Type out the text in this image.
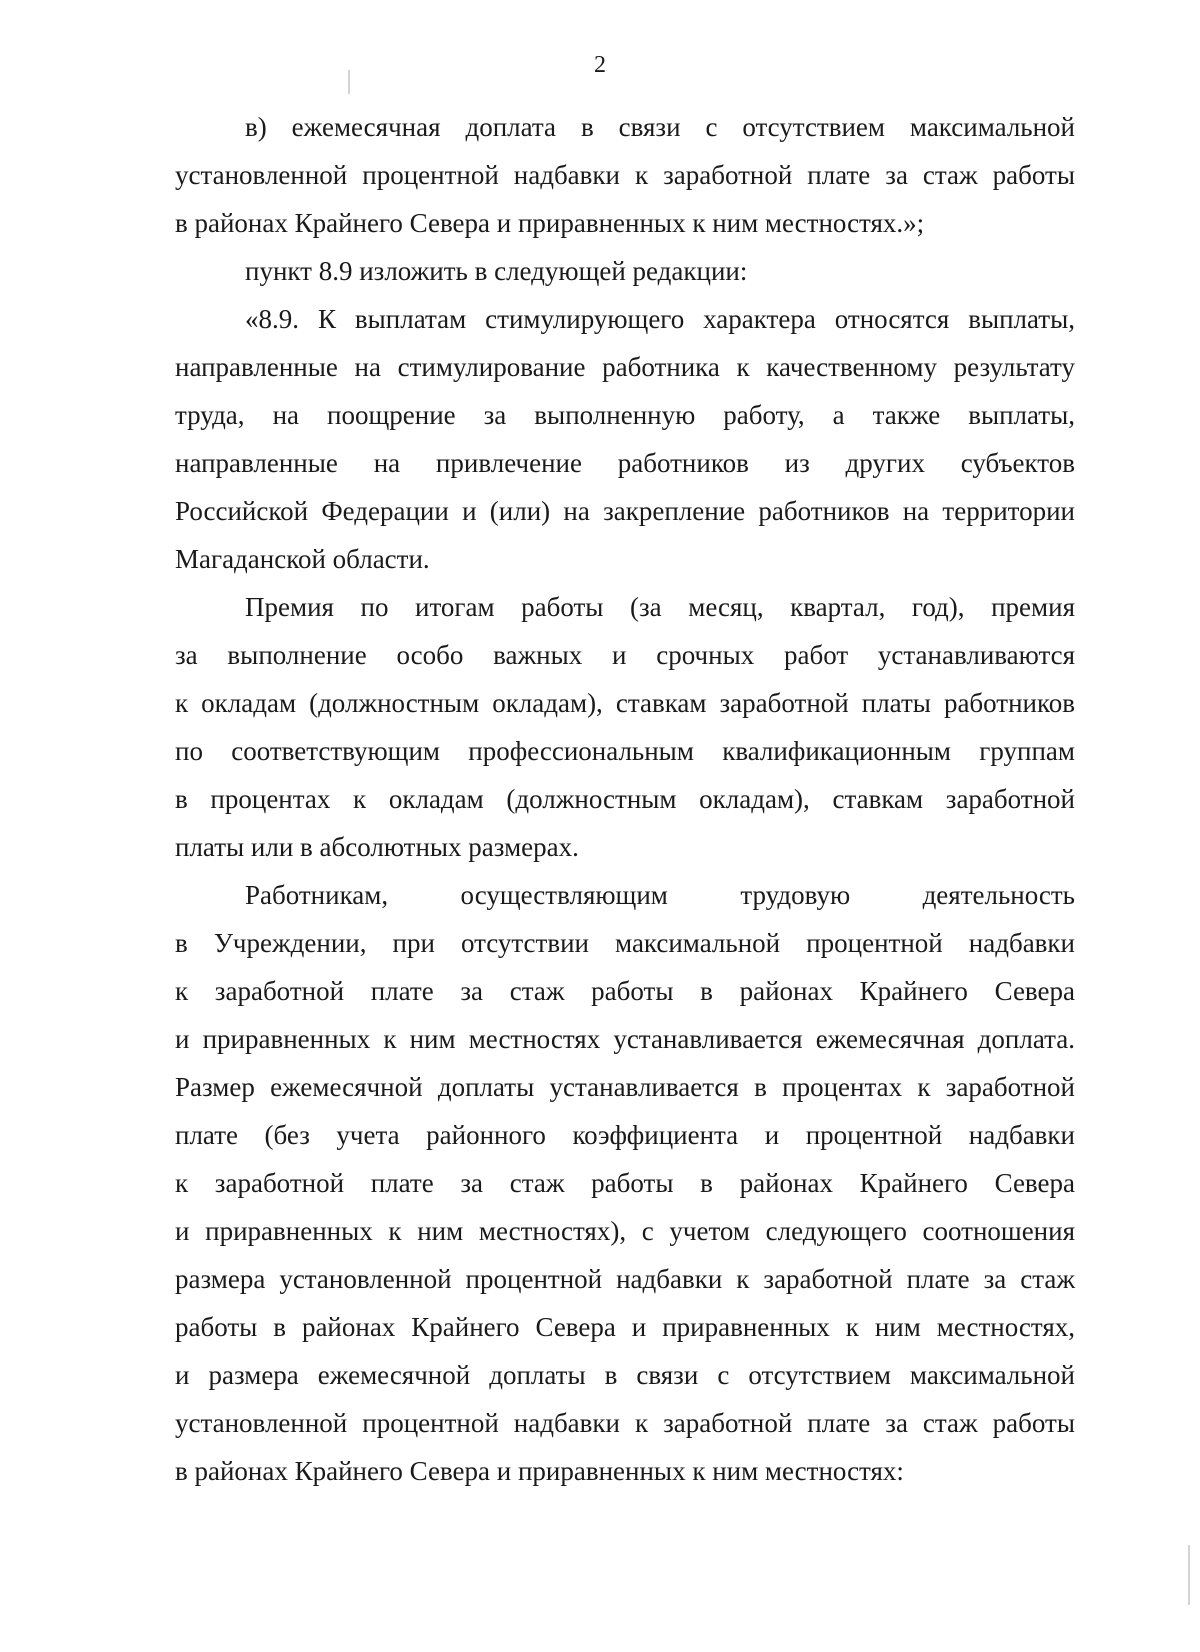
2
в) ежемесячная доплата в связи с отсутствием максимальной
установленной процентной надбавки к заработной плате за стаж работы
в районах Крайнего Севера и приравненных к ним местностях.»;
пункт 8.9 изложить в следующей редакции:
«8.9. К выплатам стимулирующего характера относятся выплаты,
направленные на стимулирование работника к качественному результату
труда, на поощрение за выполненную работу, а также выплаты,
направленные на привлечение работников из других субъектов
Российской Федерации и (или) на закрепление работников на территории
Магаданской области.
Премия по итогам работы (за месяц, квартал, год), премия
за выполнение особо важных и срочных работ устанавливаются
к окладам (должностным окладам), ставкам заработной платы работников
по соответствующим профессиональным квалификационным группам
в процентах к окладам (должностным окладам), ставкам заработной
платы или в абсолютных размерах.
Работникам, осуществляющим трудовую деятельность
в Учреждении, при отсутствии максимальной процентной надбавки
к заработной плате за стаж работы в районах Крайнего Севера
и приравненных к ним местностях устанавливается ежемесячная доплата.
Размер ежемесячной доплаты устанавливается в процентах к заработной
плате (без учета районного коэффициента и процентной надбавки
к заработной плате за стаж работы в районах Крайнего Севера
и приравненных к ним местностях), с учетом следующего соотношения
размера установленной процентной надбавки к заработной плате за стаж
работы в районах Крайнего Севера и приравненных к ним местностях,
и размера ежемесячной доплаты в связи с отсутствием максимальной
установленной процентной надбавки к заработной плате за стаж работы
в районах Крайнего Севера и приравненных к ним местностях:
